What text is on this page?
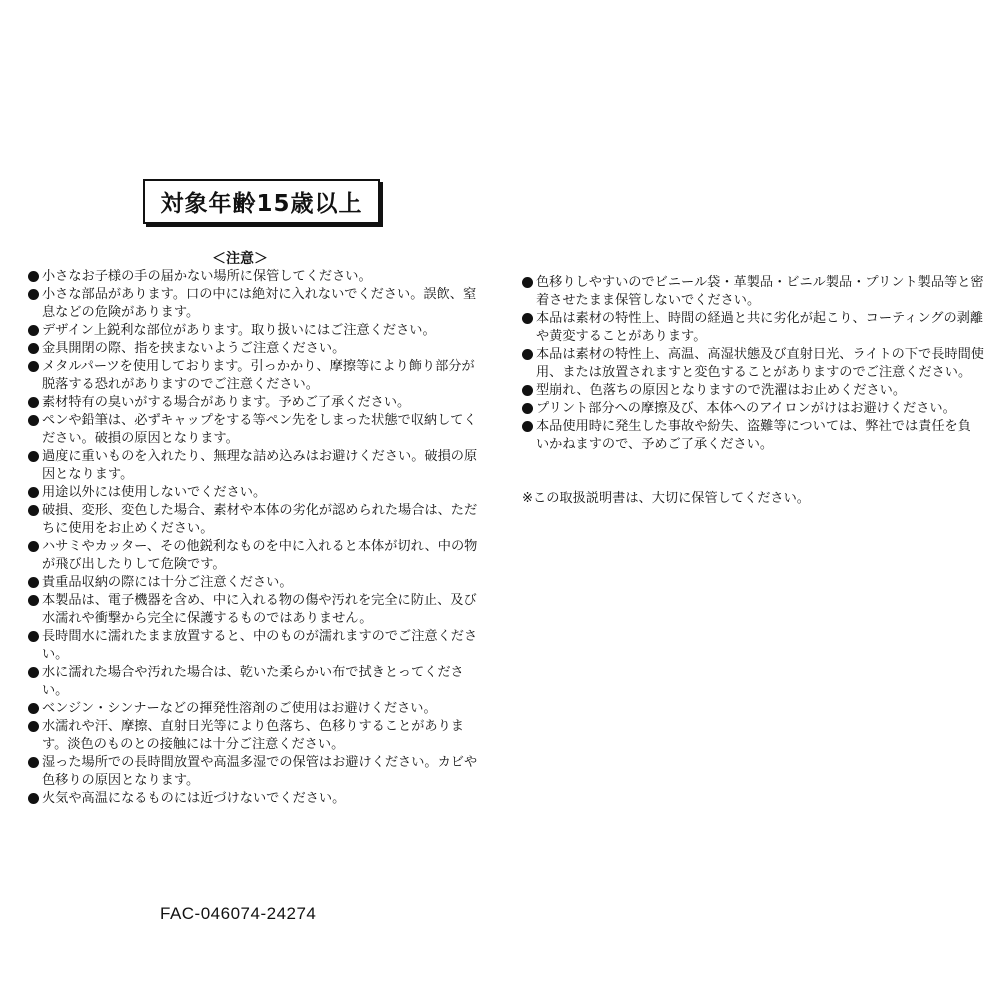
対象年齢15歳以上
＜注意＞
小さなお子様の手の届かない場所に保管してください。
小さな部品があります。口の中には絶対に入れないでください。誤飲、窒息などの危険があります。
デザイン上鋭利な部位があります。取り扱いにはご注意ください。
金具開閉の際、指を挟まないようご注意ください。
メタルパーツを使用しております。引っかかり、摩擦等により飾り部分が脱落する恐れがありますのでご注意ください。
素材特有の臭いがする場合があります。予めご了承ください。
ペンや鉛筆は、必ずキャップをする等ペン先をしまった状態で収納してください。破損の原因となります。
過度に重いものを入れたり、無理な詰め込みはお避けください。破損の原因となります。
用途以外には使用しないでください。
破損、変形、変色した場合、素材や本体の劣化が認められた場合は、ただちに使用をお止めください。
ハサミやカッター、その他鋭利なものを中に入れると本体が切れ、中の物が飛び出したりして危険です。
貴重品収納の際には十分ご注意ください。
本製品は、電子機器を含め、中に入れる物の傷や汚れを完全に防止、及び水濡れや衝撃から完全に保護するものではありません。
長時間水に濡れたまま放置すると、中のものが濡れますのでご注意ください。
水に濡れた場合や汚れた場合は、乾いた柔らかい布で拭きとってください。
ベンジン・シンナーなどの揮発性溶剤のご使用はお避けください。
水濡れや汗、摩擦、直射日光等により色落ち、色移りすることがあります。淡色のものとの接触には十分ご注意ください。
湿った場所での長時間放置や高温多湿での保管はお避けください。カビや色移りの原因となります。
火気や高温になるものには近づけないでください。
色移りしやすいのでビニール袋・革製品・ビニル製品・プリント製品等と密着させたまま保管しないでください。
本品は素材の特性上、時間の経過と共に劣化が起こり、コーティングの剥離や黄変することがあります。
本品は素材の特性上、高温、高湿状態及び直射日光、ライトの下で長時間使用、または放置されますと変色することがありますのでご注意ください。
型崩れ、色落ちの原因となりますので洗濯はお止めください。
プリント部分への摩擦及び、本体へのアイロンがけはお避けください。
本品使用時に発生した事故や紛失、盗難等については、弊社では責任を負いかねますので、予めご了承ください。
※この取扱説明書は、大切に保管してください。
FAC-046074-24274
